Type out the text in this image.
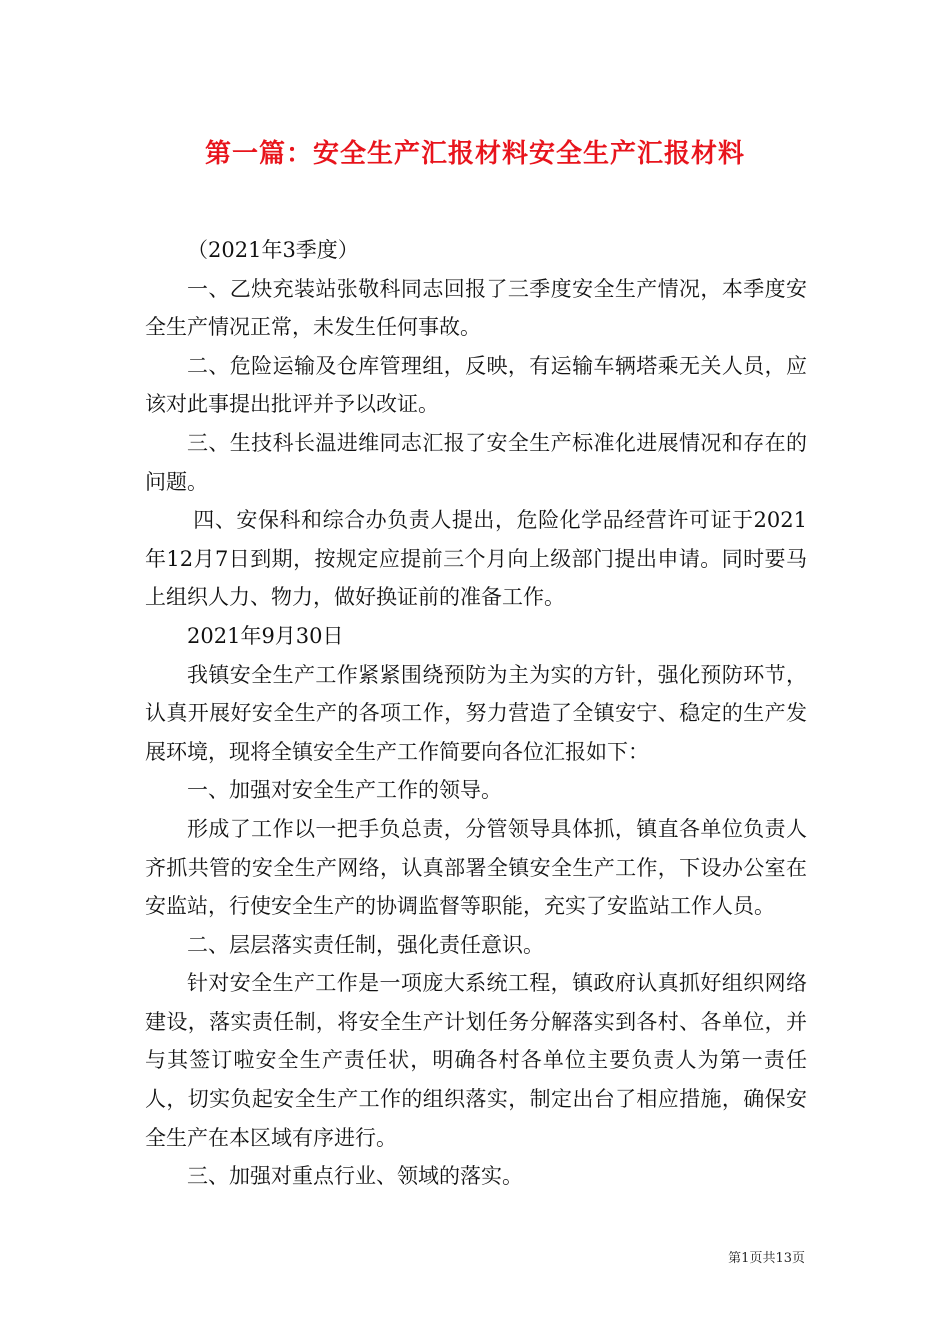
第一篇：安全生产汇报材料安全生产汇报材料

（2021年3季度）

一、乙炔充装站张敬科同志回报了三季度安全生产情况，本季度安全生产情况正常，未发生任何事故。

二、危险运输及仓库管理组，反映，有运输车辆塔乘无关人员，应该对此事提出批评并予以改证。

三、生技科长温进维同志汇报了安全生产标准化进展情况和存在的问题。

四、安保科和综合办负责人提出，危险化学品经营许可证于2021年12月7日到期，按规定应提前三个月向上级部门提出申请。同时要马上组织人力、物力，做好换证前的准备工作。

2021年9月30日

我镇安全生产工作紧紧围绕预防为主为实的方针，强化预防环节，认真开展好安全生产的各项工作，努力营造了全镇安宁、稳定的生产发展环境，现将全镇安全生产工作简要向各位汇报如下：

一、加强对安全生产工作的领导。

形成了工作以一把手负总责，分管领导具体抓，镇直各单位负责人齐抓共管的安全生产网络，认真部署全镇安全生产工作，下设办公室在安监站，行使安全生产的协调监督等职能，充实了安监站工作人员。

二、层层落实责任制，强化责任意识。

针对安全生产工作是一项庞大系统工程，镇政府认真抓好组织网络建设，落实责任制，将安全生产计划任务分解落实到各村、各单位，并与其签订啦安全生产责任状，明确各村各单位主要负责人为第一责任人，切实负起安全生产工作的组织落实，制定出台了相应措施，确保安全生产在本区域有序进行。

三、加强对重点行业、领域的落实。

第1页共13页
